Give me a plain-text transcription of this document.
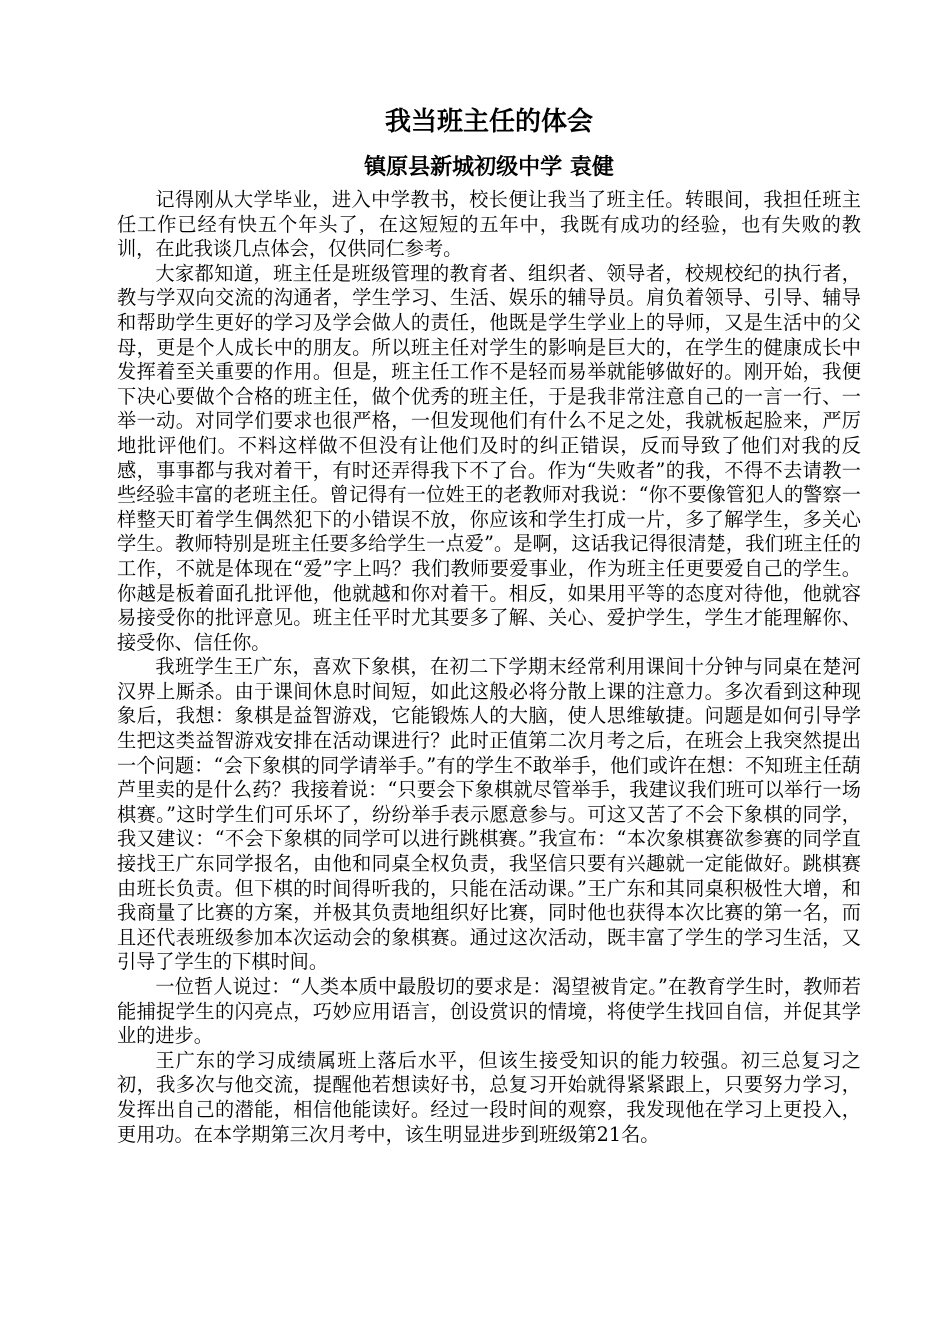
我当班主任的体会
镇原县新城初级中学 袁健

记得刚从大学毕业，进入中学教书，校长便让我当了班主任。转眼间，我担任班主任工作已经有快五个年头了，在这短短的五年中，我既有成功的经验，也有失败的教训，在此我谈几点体会，仅供同仁参考。

大家都知道，班主任是班级管理的教育者、组织者、领导者，校规校纪的执行者，教与学双向交流的沟通者，学生学习、生活、娱乐的辅导员。肩负着领导、引导、辅导和帮助学生更好的学习及学会做人的责任，他既是学生学业上的导师，又是生活中的父母，更是个人成长中的朋友。所以班主任对学生的影响是巨大的，在学生的健康成长中发挥着至关重要的作用。但是，班主任工作不是轻而易举就能够做好的。刚开始，我便下决心要做个合格的班主任，做个优秀的班主任，于是我非常注意自己的一言一行、一举一动。对同学们要求也很严格，一但发现他们有什么不足之处，我就板起脸来，严厉地批评他们。不料这样做不但没有让他们及时的纠正错误，反而导致了他们对我的反感，事事都与我对着干，有时还弄得我下不了台。作为“失败者”的我，不得不去请教一些经验丰富的老班主任。曾记得有一位姓王的老教师对我说：“你不要像管犯人的警察一样整天盯着学生偶然犯下的小错误不放，你应该和学生打成一片，多了解学生，多关心学生。教师特别是班主任要多给学生一点爱”。是啊，这话我记得很清楚，我们班主任的工作，不就是体现在“爱”字上吗？我们教师要爱事业，作为班主任更要爱自己的学生。你越是板着面孔批评他，他就越和你对着干。相反，如果用平等的态度对待他，他就容易接受你的批评意见。班主任平时尤其要多了解、关心、爱护学生，学生才能理解你、接受你、信任你。

我班学生王广东，喜欢下象棋，在初二下学期末经常利用课间十分钟与同桌在楚河汉界上厮杀。由于课间休息时间短，如此这般必将分散上课的注意力。多次看到这种现象后，我想：象棋是益智游戏，它能锻炼人的大脑，使人思维敏捷。问题是如何引导学生把这类益智游戏安排在活动课进行？此时正值第二次月考之后，在班会上我突然提出一个问题：“会下象棋的同学请举手。”有的学生不敢举手，他们或许在想：不知班主任葫芦里卖的是什么药？我接着说：“只要会下象棋就尽管举手，我建议我们班可以举行一场棋赛。”这时学生们可乐坏了，纷纷举手表示愿意参与。可这又苦了不会下象棋的同学，我又建议：“不会下象棋的同学可以进行跳棋赛。”我宣布：“本次象棋赛欲参赛的同学直接找王广东同学报名，由他和同桌全权负责，我坚信只要有兴趣就一定能做好。跳棋赛由班长负责。但下棋的时间得听我的，只能在活动课。”王广东和其同桌积极性大增，和我商量了比赛的方案，并极其负责地组织好比赛，同时他也获得本次比赛的第一名，而且还代表班级参加本次运动会的象棋赛。通过这次活动，既丰富了学生的学习生活，又引导了学生的下棋时间。

一位哲人说过：“人类本质中最殷切的要求是：渴望被肯定。”在教育学生时，教师若能捕捉学生的闪亮点，巧妙应用语言，创设赏识的情境，将使学生找回自信，并促其学业的进步。

王广东的学习成绩属班上落后水平，但该生接受知识的能力较强。初三总复习之初，我多次与他交流，提醒他若想读好书，总复习开始就得紧紧跟上，只要努力学习，发挥出自己的潜能，相信他能读好。经过一段时间的观察，我发现他在学习上更投入，更用功。在本学期第三次月考中，该生明显进步到班级第21名。
